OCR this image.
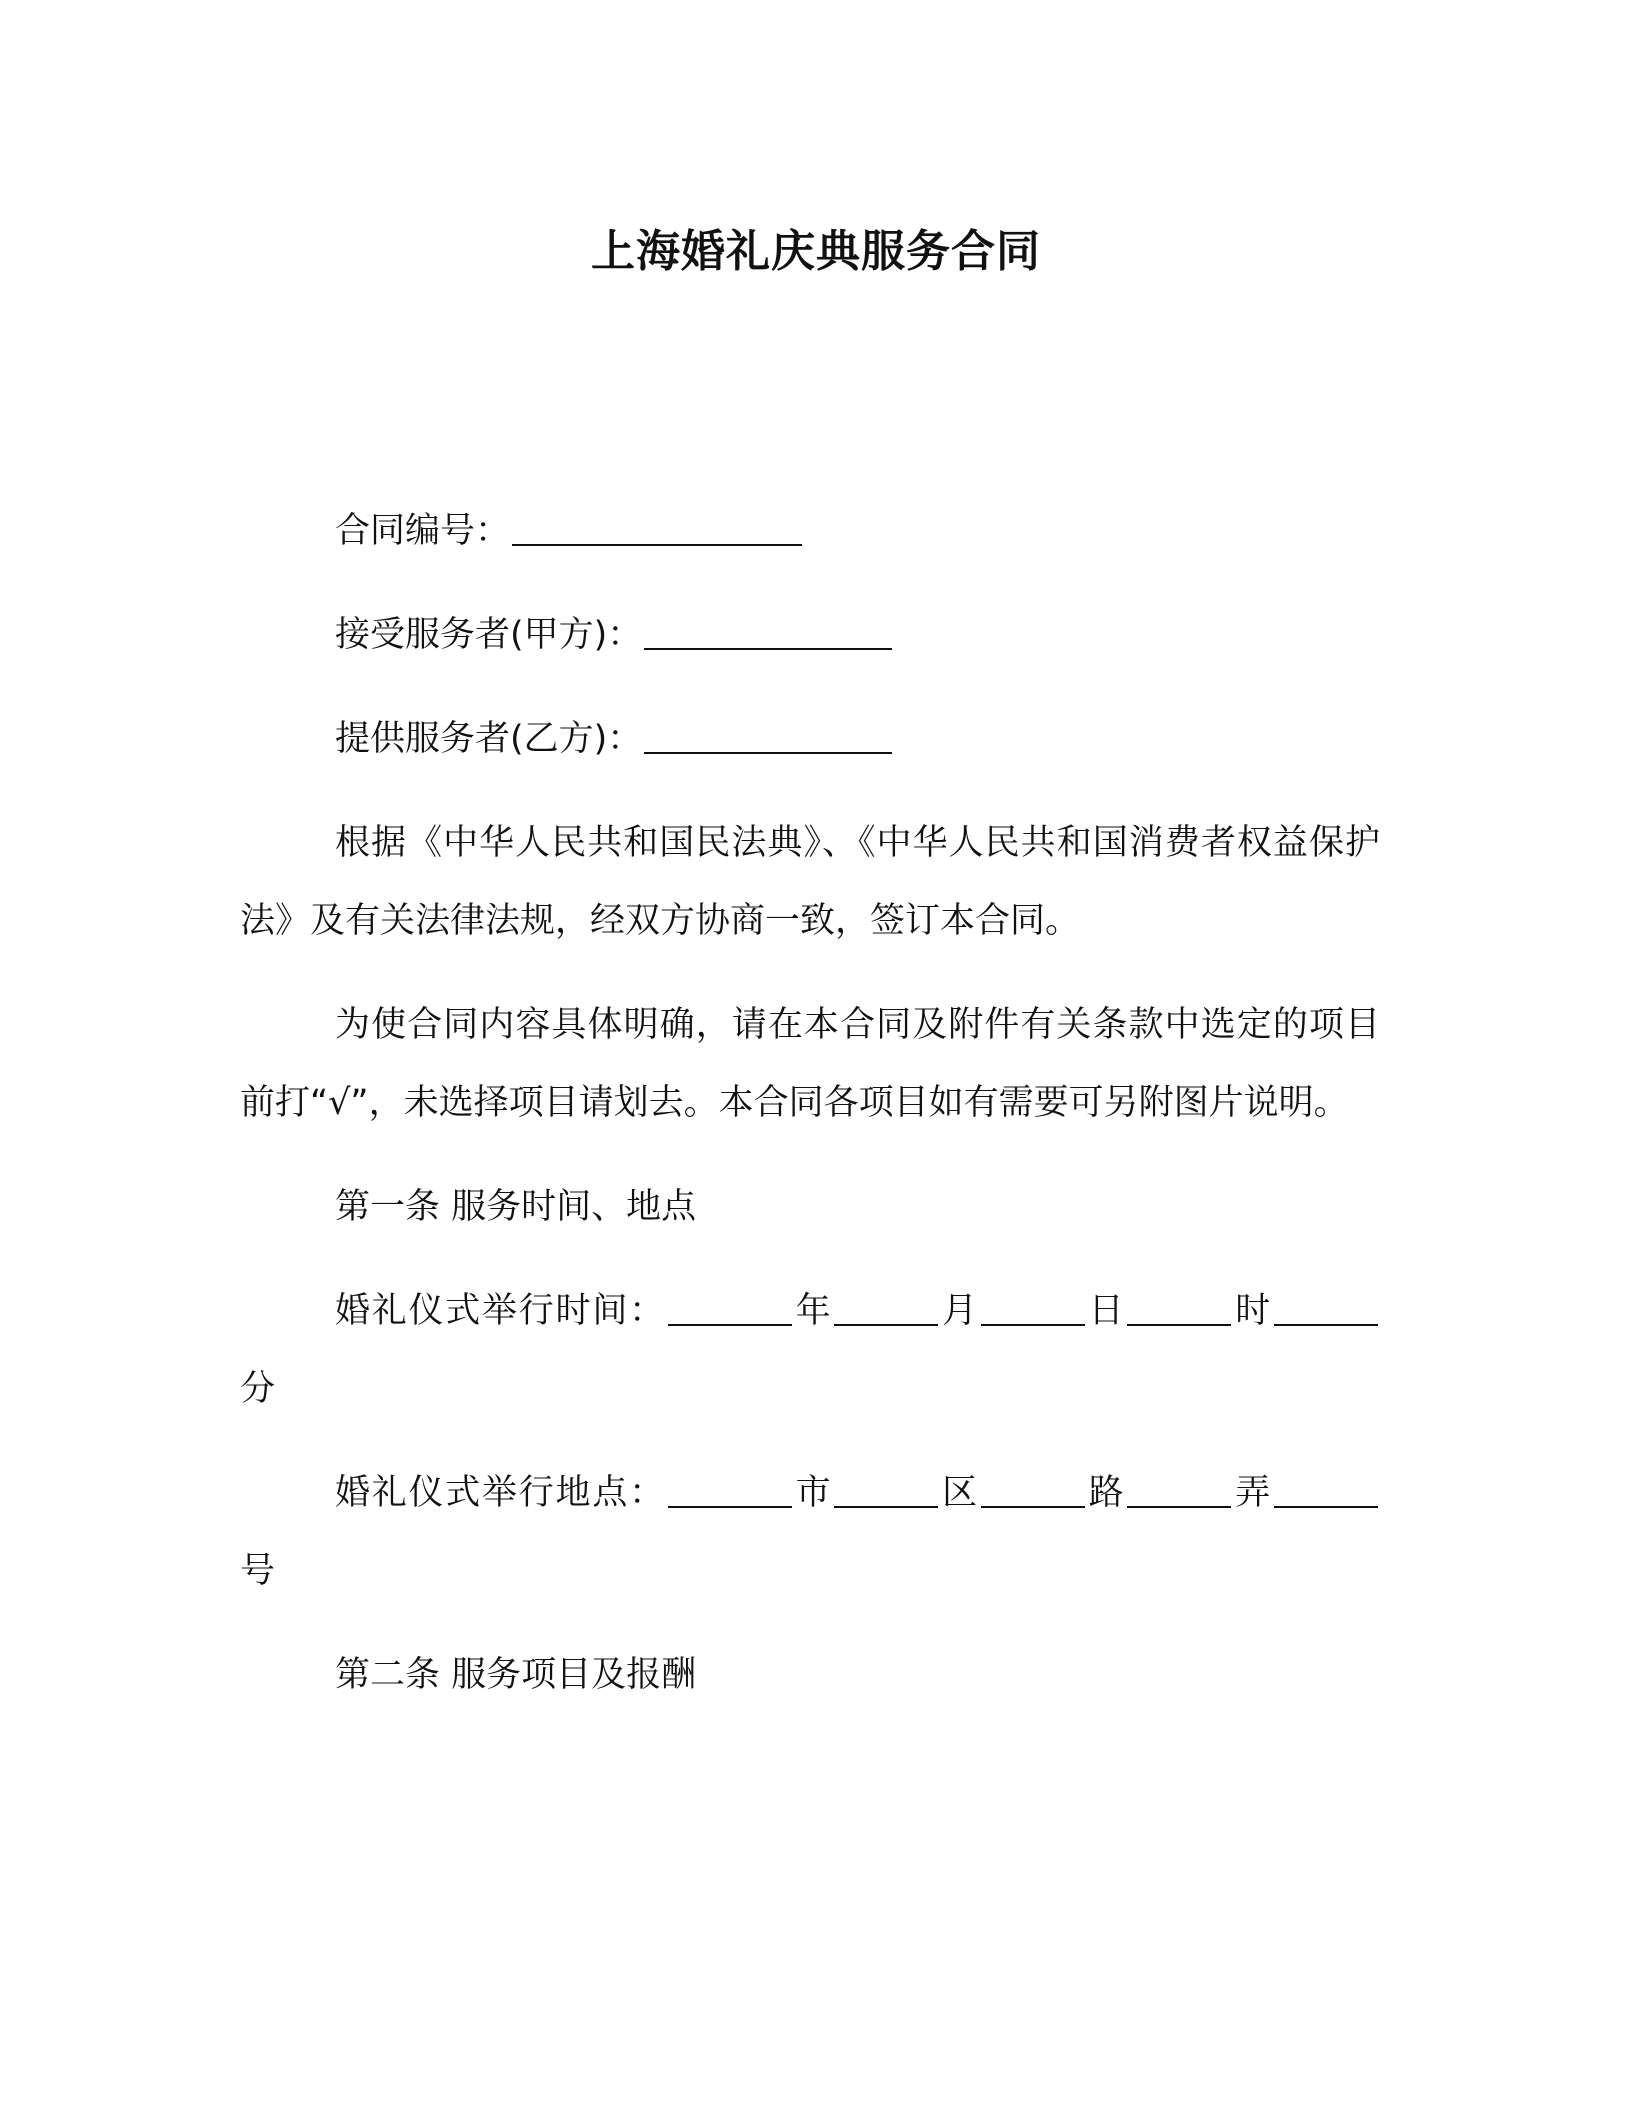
上海婚礼庆典服务合同

合同编号：

接受服务者(甲方)：

提供服务者(乙方)：

根据《中华人民共和国民法典》、《中华人民共和国消费者权益保护法》及有关法律法规，经双方协商一致，签订本合同。

为使合同内容具体明确，请在本合同及附件有关条款中选定的项目前打“√”，未选择项目请划去。本合同各项目如有需要可另附图片说明。

第一条 服务时间、地点

婚礼仪式举行时间：	年	月	日	时分

婚礼仪式举行地点：	市	区	路	弄号

第二条 服务项目及报酬
